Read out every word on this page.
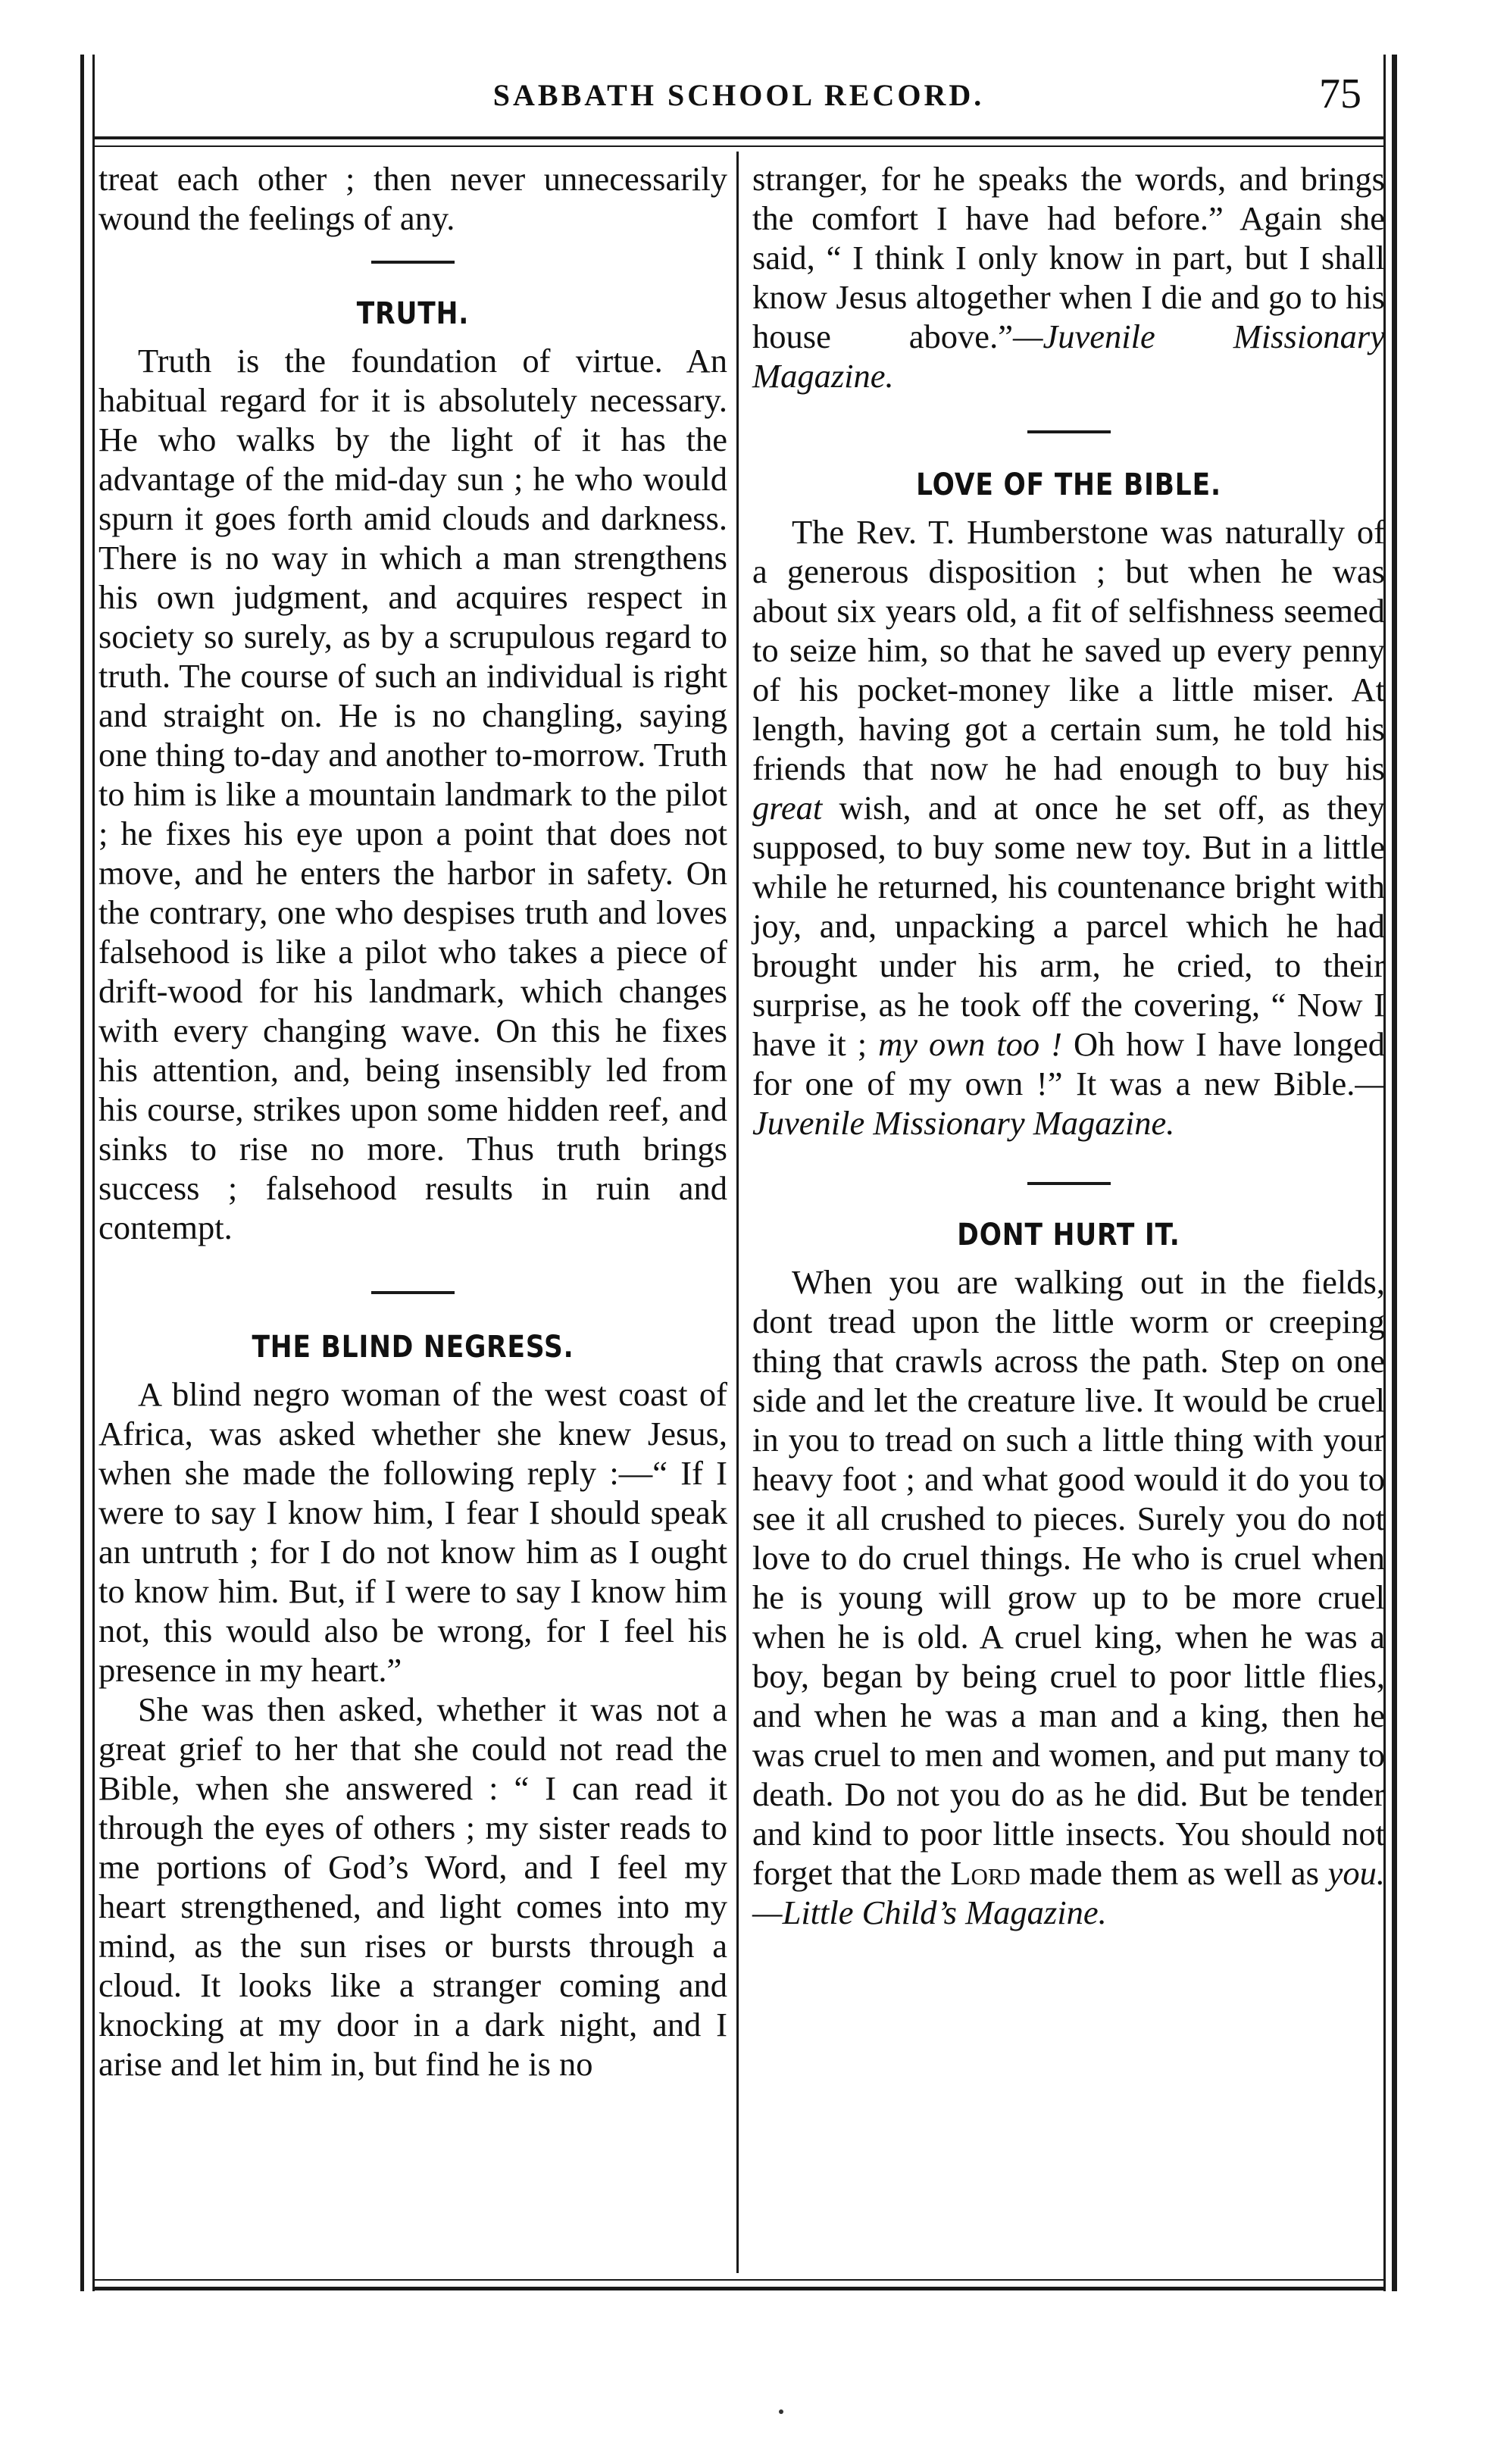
SABBATH SCHOOL RECORD.	75

treat each other ; then never unnecessarily wound the feelings of any.

TRUTH.

Truth is the foundation of virtue. An habitual regard for it is absolutely necessary. He who walks by the light of it has the advantage of the mid-day sun ; he who would spurn it goes forth amid clouds and darkness. There is no way in which a man strengthens his own judgment, and acquires respect in society so surely, as by a scrupulous regard to truth. The course of such an individual is right and straight on. He is no changling, saying one thing to-day and another to-morrow. Truth to him is like a mountain landmark to the pilot ; he fixes his eye upon a point that does not move, and he enters the harbor in safety. On the contrary, one who despises truth and loves falsehood is like a pilot who takes a piece of drift-wood for his landmark, which changes with every changing wave. On this he fixes his attention, and, being insensibly led from his course, strikes upon some hidden reef, and sinks to rise no more. Thus truth brings success ; falsehood results in ruin and contempt.

THE BLIND NEGRESS.

A blind negro woman of the west coast of Africa, was asked whether she knew Jesus, when she made the following reply :—“ If I were to say I know him, I fear I should speak an untruth ; for I do not know him as I ought to know him. But, if I were to say I know him not, this would also be wrong, for I feel his presence in my heart.”

She was then asked, whether it was not a great grief to her that she could not read the Bible, when she answered : “ I can read it through the eyes of others ; my sister reads to me portions of God’s Word, and I feel my heart strengthened, and light comes into my mind, as the sun rises or bursts through a cloud. It looks like a stranger coming and knocking at my door in a dark night, and I arise and let him in, but find he is no

stranger, for he speaks the words, and brings the comfort I have had before.” Again she said, “ I think I only know in part, but I shall know Jesus altogether when I die and go to his house above.”—Juvenile Missionary Magazine.

LOVE OF THE BIBLE.

The Rev. T. Humberstone was naturally of a generous disposition ; but when he was about six years old, a fit of selfishness seemed to seize him, so that he saved up every penny of his pocket-money like a little miser. At length, having got a certain sum, he told his friends that now he had enough to buy his great wish, and at once he set off, as they supposed, to buy some new toy. But in a little while he returned, his countenance bright with joy, and, unpacking a parcel which he had brought under his arm, he cried, to their surprise, as he took off the covering, “ Now I have it ; my own too ! Oh how I have longed for one of my own !” It was a new Bible.—Juvenile Missionary Magazine.

DONT HURT IT.

When you are walking out in the fields, dont tread upon the little worm or creeping thing that crawls across the path. Step on one side and let the creature live. It would be cruel in you to tread on such a little thing with your heavy foot ; and what good would it do you to see it all crushed to pieces. Surely you do not love to do cruel things. He who is cruel when he is young will grow up to be more cruel when he is old. A cruel king, when he was a boy, began by being cruel to poor little flies, and when he was a man and a king, then he was cruel to men and women, and put many to death. Do not you do as he did. But be tender and kind to poor little insects. You should not forget that the Lord made them as well as you.—Little Child’s Magazine.
